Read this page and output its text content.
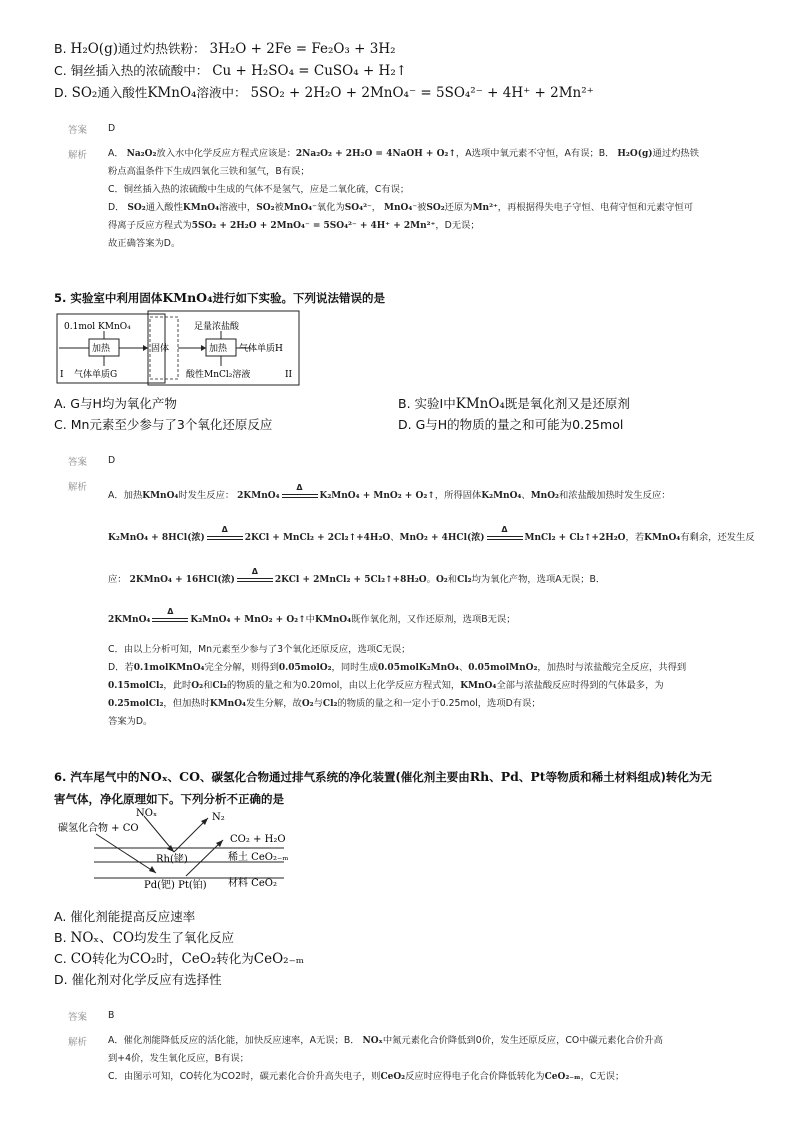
B. H₂O(g)通过灼热铁粉： 3H₂O + 2Fe = Fe₂O₃ + 3H₂
C. 铜丝插入热的浓硫酸中： Cu + H₂SO₄ = CuSO₄ + H₂↑
D. SO₂通入酸性KMnO₄溶液中： 5SO₂ + 2H₂O + 2MnO₄⁻ = 5SO₄²⁻ + 4H⁺ + 2Mn²⁺
答案 D
解析 A． Na₂O₂放入水中化学反应方程式应该是：2Na₂O₂ + 2H₂O = 4NaOH + O₂↑，A选项中氧元素不守恒，A有误；B． H₂O(g)通过灼热铁
粉点高温条件下生成四氧化三铁和氢气，B有误；
C．铜丝插入热的浓硫酸中生成的气体不是氢气，应是二氧化硫，C有误；
D． SO₂通入酸性KMnO₄溶液中，SO₂被MnO₄⁻氧化为SO₄²⁻， MnO₄⁻被SO₂还原为Mn²⁺，再根据得失电子守恒、电荷守恒和元素守恒可
得离子反应方程式为5SO₂ + 2H₂O + 2MnO₄⁻ = 5SO₄²⁻ + 4H⁺ + 2Mn²⁺，D无误；
故正确答案为D。
5. 实验室中利用固体KMnO₄进行如下实验。下列说法错误的是
0.1mol KMnO₄
加热	固体
足量浓盐酸
加热 气体单质H
气体单质G
I	酸性MnCl₂溶液	II
A. G与H均为氧化产物	B. 实验I中KMnO₄既是氧化剂又是还原剂
C. Mn元素至少参与了3个氧化还原反应	D. G与H的物质的量之和可能为0.25mol
答案 D
解析
A．加热KMnO₄时发生反应： 2KMnO₄
Δ
K₂MnO₄ + MnO₂ + O₂↑，所得固体K₂MnO₄、MnO₂和浓盐酸加热时发生反应：
K₂MnO₄ + 8HCl(浓)
Δ
2KCl + MnCl₂ + 2Cl₂↑+4H₂O、MnO₂ + 4HCl(浓)
Δ
MnCl₂ + Cl₂↑+2H₂O，若KMnO₄有剩余，还发生反
应： 2KMnO₄ + 16HCl(浓)
Δ
2KCl + 2MnCl₂ + 5Cl₂↑+8H₂O。O₂和Cl₂均为氧化产物，选项A无误；B．
2KMnO₄
Δ
K₂MnO₄ + MnO₂ + O₂↑中KMnO₄既作氧化剂，又作还原剂，选项B无误；
C．由以上分析可知，Mn元素至少参与了3个氧化还原反应，选项C无误；
D．若0.1molKMnO₄完全分解，则得到0.05molO₂，同时生成0.05molK₂MnO₄、0.05molMnO₂，加热时与浓盐酸完全反应，共得到
0.15molCl₂，此时O₂和Cl₂的物质的量之和为0.20mol，由以上化学反应方程式知，KMnO₄全部与浓盐酸反应时得到的气体最多，为
0.25molCl₂，但加热时KMnO₄发生分解，故O₂与Cl₂的物质的量之和一定小于0.25mol，选项D有误；
答案为D。
6. 汽车尾气中的NOₓ、CO、碳氢化合物通过排气系统的净化装置(催化剂主要由Rh、Pd、Pt等物质和稀土材料组成)转化为无
害气体，净化原理如下。下列分析不正确的是
碳氢化合物 + CO
NOₓ	N₂
CO₂ + H₂O
Rh(铑)	稀土 CeO₂₋ₘ
材料 CeO₂
Pd(钯) Pt(铂)
A. 催化剂能提高反应速率
B. NOₓ、CO均发生了氧化反应
C. CO转化为CO₂时，CeO₂转化为CeO₂₋ₘ
D. 催化剂对化学反应有选择性
答案 B
解析 A．催化剂能降低反应的活化能，加快反应速率，A无误；B． NOₓ中氮元素化合价降低到0价，发生还原反应，CO中碳元素化合价升高
到+4价，发生氧化反应，B有误；
C．由图示可知，CO转化为CO2时，碳元素化合价升高失电子，则CeO₂反应时应得电子化合价降低转化为CeO₂₋ₘ，C无误；
